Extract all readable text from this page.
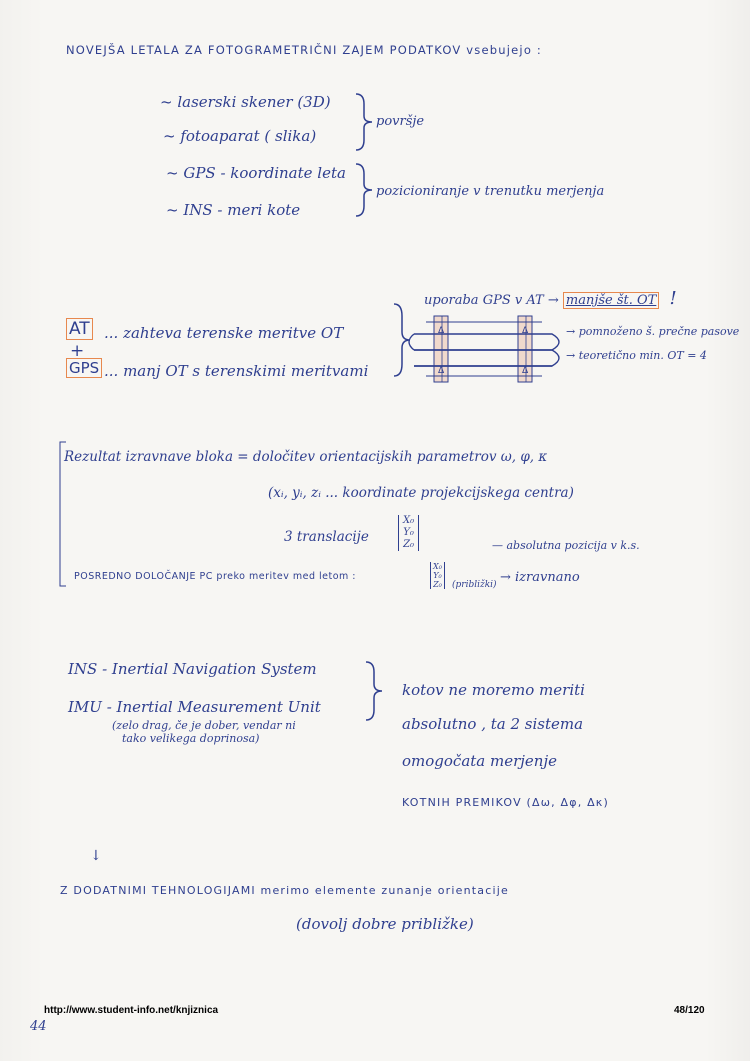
NOVEJŠA LETALA ZA FOTOGRAMETRIČNI ZAJEM PODATKOV vsebujejo :
~ laserski skener (3D)
~ fotoaparat ( slika)
~ GPS - koordinate leta
~ INS - meri kote
površje
pozicioniranje v trenutku merjenja
AT ... zahteva terenske meritve OT
+
GPS ... manj OT s terenskimi meritvami
uporaba GPS v AT → manjše št. OT !
Δ	Δ
Δ	Δ
→ pomnoženo š. prečne pasove
→ teoretično min. OT = 4
Rezultat izravnave bloka = določitev orientacijskih parametrov ω, φ, κ
(xᵢ, yᵢ, zᵢ ... koordinate projekcijskega centra)
3 translacije
X₀
Y₀
Z₀	— absolutna pozicija v k.s.
POSREDNO DOLOČANJE PC preko meritev med letom :
X₀
Y₀
Z₀ (približki) → izravnano
INS - Inertial Navigation System
IMU - Inertial Measurement Unit
(zelo drag, če je dober, vendar ni
tako velikega doprinosa)
kotov ne moremo meriti
absolutno , ta 2 sistema
omogočata merjenje
KOTNIH PREMIKOV (Δω, Δφ, Δκ)
↓
Z DODATNIMI TEHNOLOGIJAMI merimo elemente zunanje orientacije
(dovolj dobre približke)
http://www.student-info.net/knjiznica	48/120
44
